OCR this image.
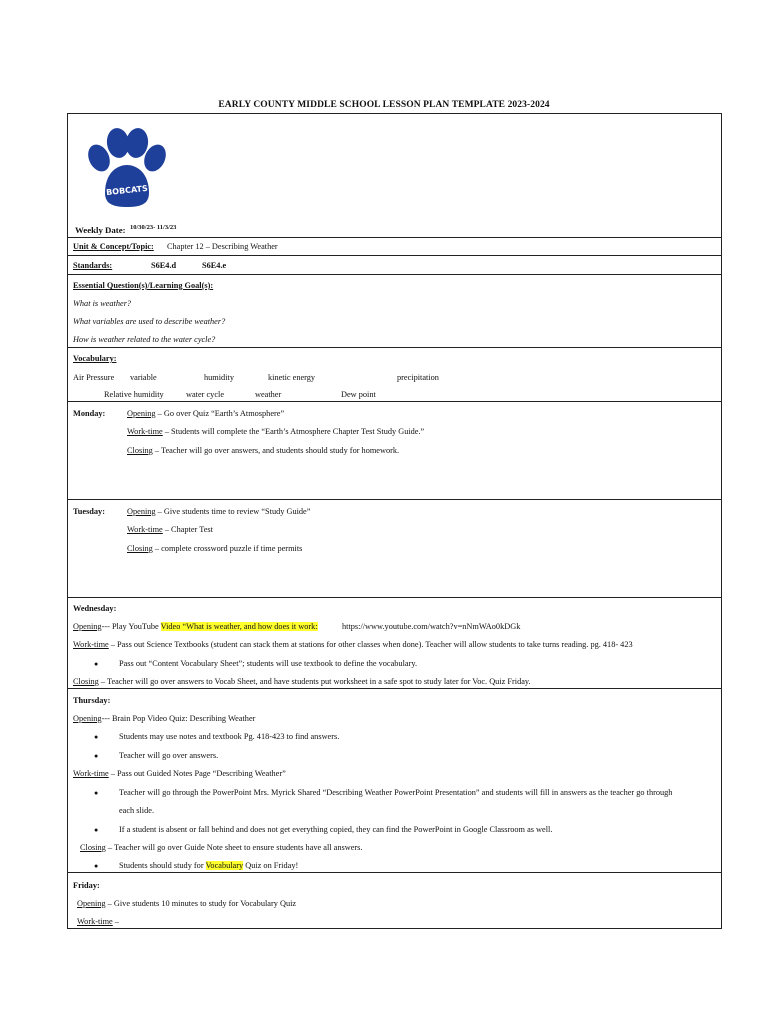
EARLY COUNTY MIDDLE SCHOOL LESSON PLAN TEMPLATE 2023-2024
BOBCATS
Weekly Date: 10/30/23- 11/3/23
Unit & Concept/Topic: Chapter 12 – Describing Weather
Standards:	S6E4.d	S6E4.e
Essential Question(s)/Learning Goal(s):
What is weather?
What variables are used to describe weather?
How is weather related to the water cycle?
Vocabulary:
Air Pressure variable	humidity	kinetic energy	precipitation
Relative humidity	water cycle	weather	Dew point
Monday:	Opening – Go over Quiz “Earth’s Atmosphere”
Work-time – Students will complete the “Earth’s Atmosphere Chapter Test Study Guide.”
Closing – Teacher will go over answers, and students should study for homework.
Tuesday:	Opening – Give students time to review “Study Guide”
Work-time – Chapter Test
Closing – complete crossword puzzle if time permits
Wednesday:
Opening--- Play YouTube Video “What is weather, and how does it work:	https://www.youtube.com/watch?v=nNmWAo0kDGk
Work-time – Pass out Science Textbooks (student can stack them at stations for other classes when done). Teacher will allow students to take turns reading. pg. 418- 423
●	Pass out “Content Vocabulary Sheet”; students will use textbook to define the vocabulary.
Closing – Teacher will go over answers to Vocab Sheet, and have students put worksheet in a safe spot to study later for Voc. Quiz Friday.
Thursday:
Opening--- Brain Pop Video Quiz: Describing Weather
●	Students may use notes and textbook Pg. 418-423 to find answers.
●	Teacher will go over answers.
Work-time – Pass out Guided Notes Page “Describing Weather”
●	Teacher will go through the PowerPoint Mrs. Myrick Shared “Describing Weather PowerPoint Presentation” and students will fill in answers as the teacher go through
each slide.
●	If a student is absent or fall behind and does not get everything copied, they can find the PowerPoint in Google Classroom as well.
Closing – Teacher will go over Guide Note sheet to ensure students have all answers.
●	Students should study for Vocabulary Quiz on Friday!
Friday:
Opening – Give students 10 minutes to study for Vocabulary Quiz
Work-time –
